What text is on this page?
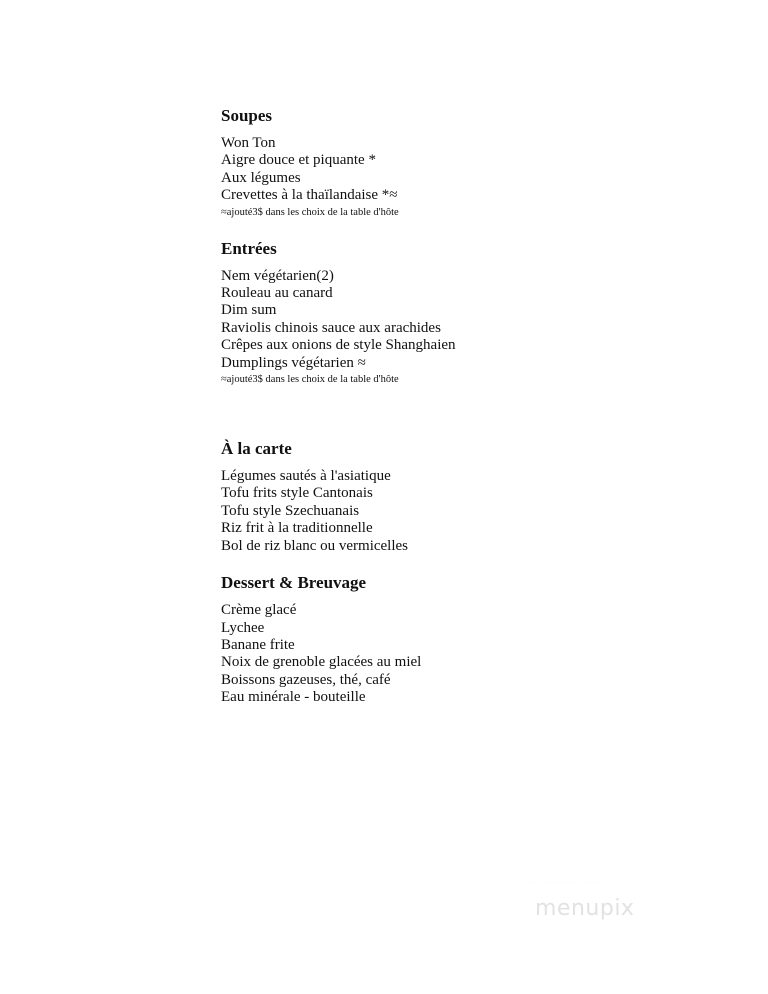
Soupes
Won Ton
Aigre douce et piquante *
Aux légumes
Crevettes à la thaïlandaise *≈
≈ajouté3$ dans les choix de la table d'hôte
Entrées
Nem végétarien(2)
Rouleau au canard
Dim sum
Raviolis chinois sauce aux arachides
Crêpes aux onions de style Shanghaien
Dumplings végétarien ≈
≈ajouté3$ dans les choix de la table d'hôte
À la carte
Légumes sautés à l'asiatique
Tofu frits style Cantonais
Tofu style Szechuanais
Riz frit à la traditionnelle
Bol de riz blanc ou vermicelles
Dessert & Breuvage
Crème glacé
Lychee
Banane frite
Noix de grenoble glacées au miel
Boissons gazeuses, thé, café
Eau minérale - bouteille
· · · · · · · · · · · · · · · ·
menupix
